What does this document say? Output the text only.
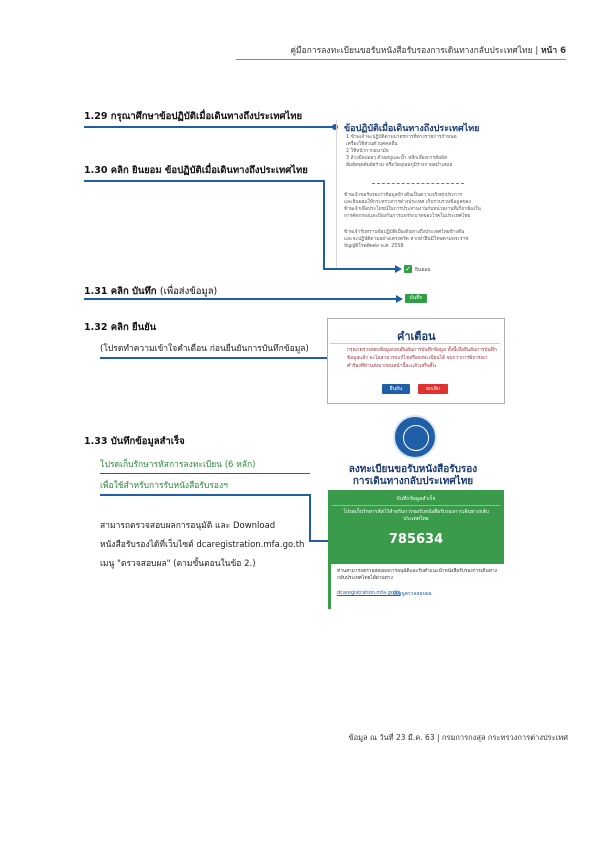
คู่มือการลงทะเบียนขอรับหนังสือรับรองการเดินทางกลับประเทศไทย | หน้า 6
1.29 กรุณาศึกษาข้อปฏิบัติเมื่อเดินทางถึงประเทศไทย
ข้อปฏิบัติเมื่อเดินทางถึงประเทศไทย
1 ข้าพเจ้าจะปฏิบัติตามมาตรการที่ทางราชการกำหนด
เครื่องใช้ส่วนตัวบุคคลอื่น
2 ใช้หน้ากากอนามัย
3 ล้างมือบ่อยๆ ด้วยสบู่และน้ำ หลีกเลี่ยงการสัมผัส
สัมผัสจุดสัมผัสร่วม หรือวัดอุณหภูมิร่างกายสม่ำเสมอ
ข้าพเจ้าขอรับรองว่าข้อมูลข้างต้นเป็นความจริงทุกประการ
และยินยอมให้กระทรวงการต่างประเทศ เก็บรวบรวมข้อมูลของ
ข้าพเจ้าเพื่อประโยชน์ในการประสานงานกับหน่วยงานที่เกี่ยวข้องใน
การคัดกรองและป้องกันการแพร่ระบาดของโรคในประเทศไทย
ข้าพเจ้ารับทราบข้อปฏิบัติเมื่อเดินทางถึงประเทศไทยข้างต้น
และจะปฏิบัติตามอย่างเคร่งครัด หากฝ่าฝืนมีโทษตามพระราช
บัญญัติโรคติดต่อ พ.ศ. 2558
1.30 คลิก ยินยอม ข้อปฏิบัติเมื่อเดินทางถึงประเทศไทย
✓ ยินยอม
1.31 คลิก บันทึก (เพื่อส่งข้อมูล)
บันทึก
1.32 คลิก ยืนยัน
(โปรดทำความเข้าใจคำเตือน ก่อนยืนยันการบันทึกข้อมูล)
คำเตือน
กรุณาตรวจสอบข้อมูลก่อนยืนยันการบันทึกข้อมูล ทั้งนี้เมื่อยืนยันการบันทึกข้อมูลแล้ว จะไม่สามารถแก้ไขหรือลงทะเบียนได้ จนกว่าการพิจารณาคำร้องที่ท่านส่งมาก่อนหน้านี้จะแล้วเสร็จสิ้น
ยืนยัน	ยกเลิก
1.33 บันทึกข้อมูลสำเร็จ
โปรดเก็บรักษารหัสการลงทะเบียน (6 หลัก)
เพื่อใช้สำหรับการรับหนังสือรับรองฯ
สามารถตรวจสอบผลการอนุมัติ และ Download
หนังสือรับรองได้ที่เว็บไซต์ dcaregistration.mfa.go.th
เมนู "ตรวจสอบผล" (ตามขั้นตอนในข้อ 2.)
ลงทะเบียนขอรับหนังสือรับรอง
การเดินทางกลับประเทศไทย
บันทึกข้อมูลสำเร็จ
โปรดเก็บรักษารหัสไว้สำหรับการขอรับหนังสือรับรองการเดินทางกลับประเทศไทย
785634
ท่านสามารถตรวจสอบผลการอนุมัติและรับคำแนะนำหนังสือรับรองการเดินทางกลับประเทศไทยได้ผ่านทาง
dcaregistration.mfa.go.th
ที่เมนูตรวจสอบผล
ข้อมูล ณ วันที่ 23 มี.ค. 63 | กรมการกงสุล กระทรวงการต่างประเทศ
